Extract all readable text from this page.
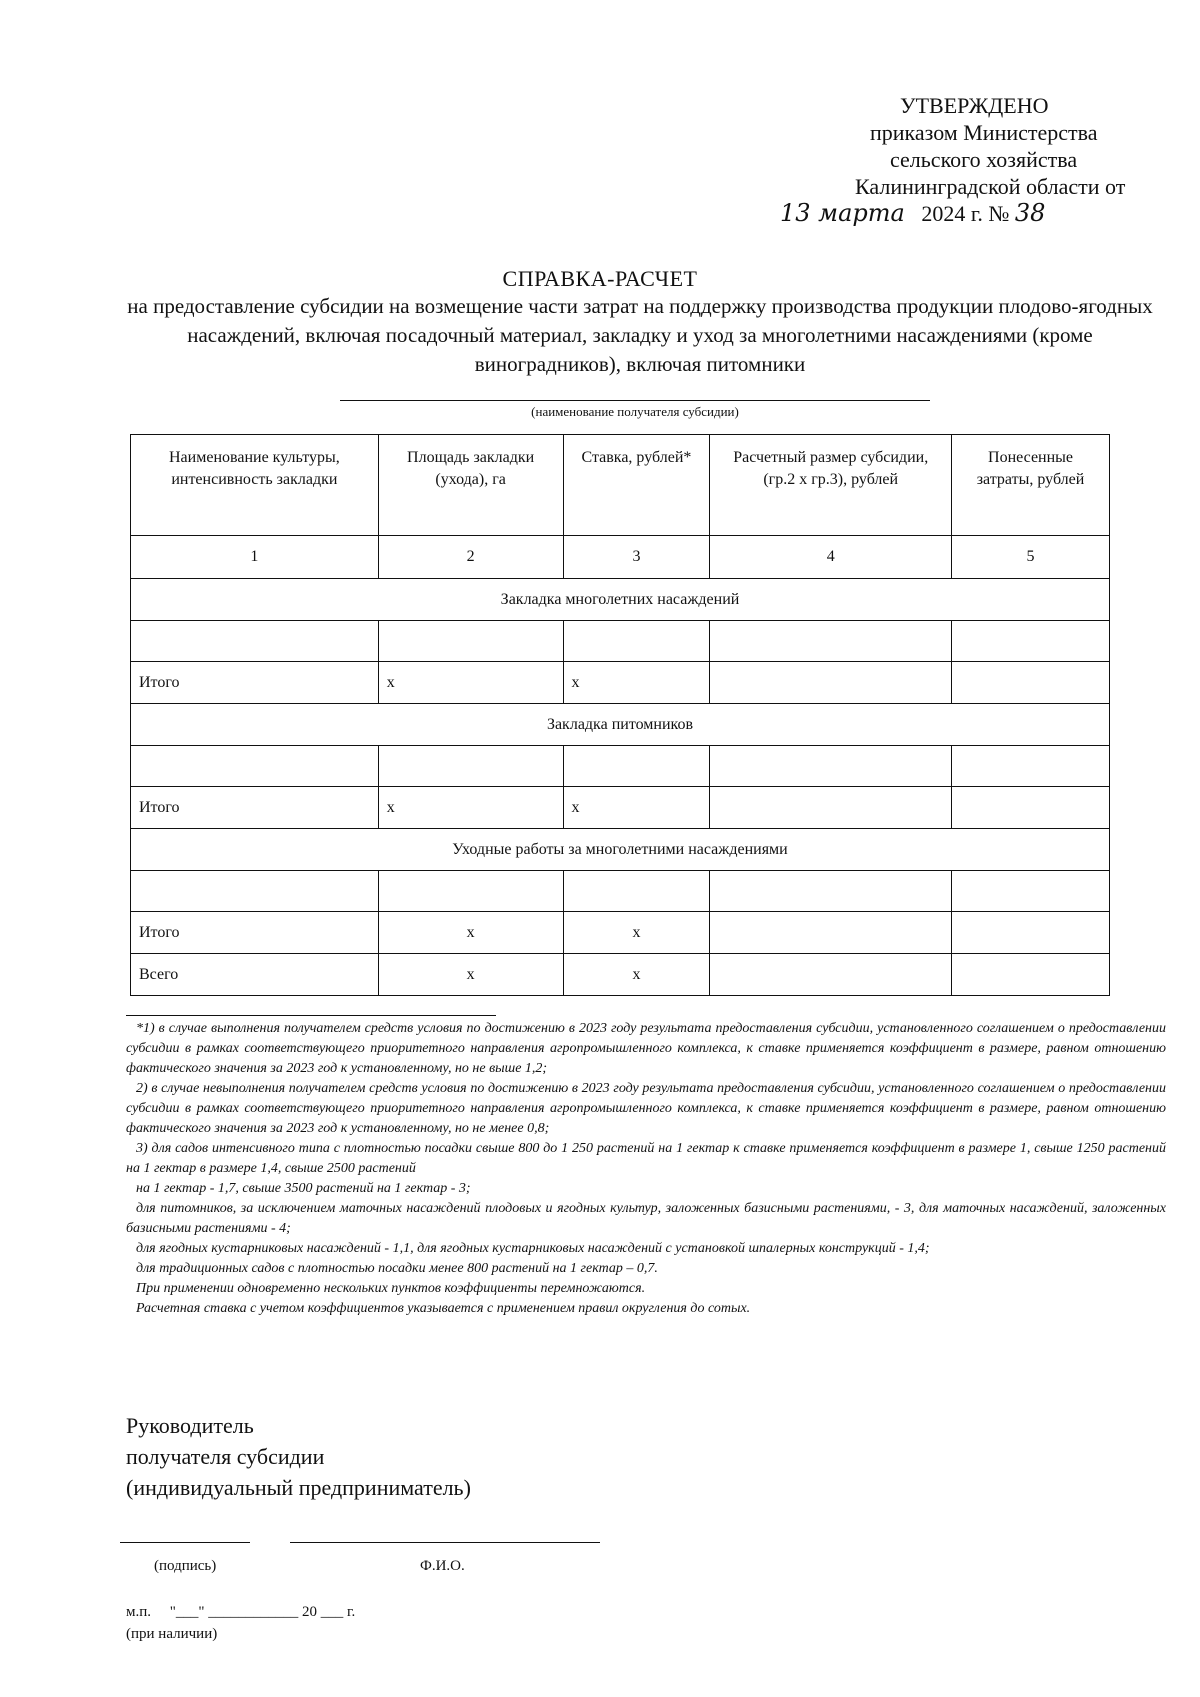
УТВЕРЖДЕНО
приказом Министерства
сельского хозяйства
Калининградской области от
13 марта 2024 г. № 38
СПРАВКА-РАСЧЕТ
на предоставление субсидии на возмещение части затрат на поддержку производства продукции плодово-ягодных насаждений, включая посадочный материал, закладку и уход за многолетними насаждениями (кроме виноградников), включая питомники
(наименование получателя субсидии)
Наименование культуры, интенсивность закладки	Площадь закладки (ухода), га	Ставка, рублей*	Расчетный размер субсидии, (гр.2 х гр.3), рублей	Понесенные затраты, рублей
1	2	3	4	5
Закладка многолетних насаждений				

Итого	x	x		
Закладка питомников				

Итого	x	x		
Уходные работы за многолетними насаждениями				

Итого	x	x		
Всего	x	x		

*1) в случае выполнения получателем средств условия по достижению в 2023 году результата предоставления субсидии, установленного соглашением о предоставлении субсидии в рамках соответствующего приоритетного направления агропромышленного комплекса, к ставке применяется коэффициент в размере, равном отношению фактического значения за 2023 год к установленному, но не выше 1,2;

2) в случае невыполнения получателем средств условия по достижению в 2023 году результата предоставления субсидии, установленного соглашением о предоставлении субсидии в рамках соответствующего приоритетного направления агропромышленного комплекса, к ставке применяется коэффициент в размере, равном отношению фактического значения за 2023 год к установленному, но не менее 0,8;

3) для садов интенсивного типа с плотностью посадки свыше 800 до 1 250 растений на 1 гектар к ставке применяется коэффициент в размере 1, свыше 1250 растений на 1 гектар в размере 1,4, свыше 2500 растений

на 1 гектар - 1,7, свыше 3500 растений на 1 гектар - 3;

для питомников, за исключением маточных насаждений плодовых и ягодных культур, заложенных базисными растениями, - 3, для маточных насаждений, заложенных базисными растениями - 4;

для ягодных кустарниковых насаждений - 1,1, для ягодных кустарниковых насаждений с установкой шпалерных конструкций - 1,4;

для традиционных садов с плотностью посадки менее 800 растений на 1 гектар – 0,7.

При применении одновременно нескольких пунктов коэффициенты перемножаются.

Расчетная ставка с учетом коэффициентов указывается с применением правил округления до сотых.

Руководитель
получателя субсидии
(индивидуальный предприниматель)
(подпись)	Ф.И.О.
м.п.     "___" ____________ 20 ___ г.
(при наличии)
